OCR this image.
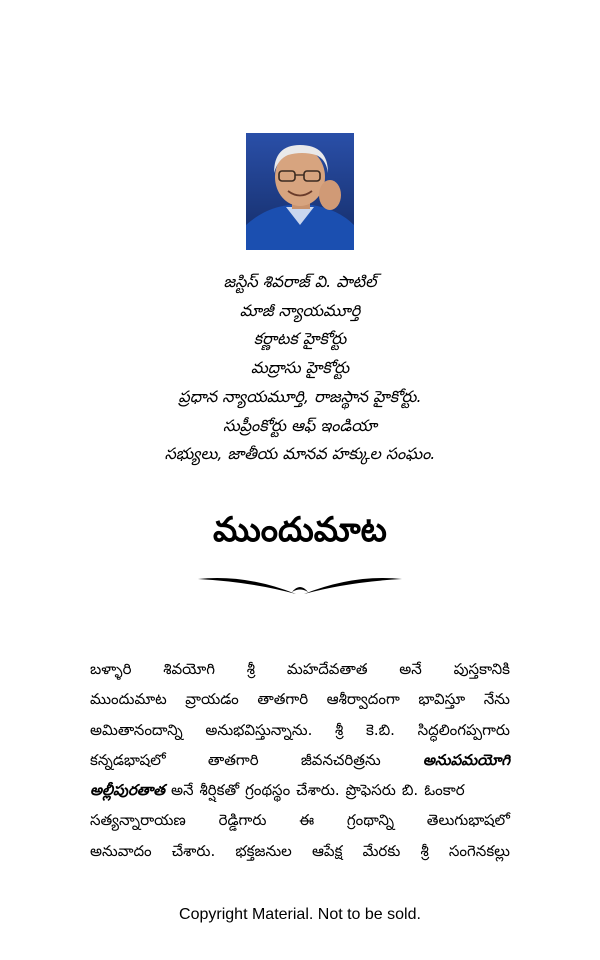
జస్టిస్ శివరాజ్ వి. పాటిల్
మాజీ న్యాయమూర్తి
కర్ణాటక హైకోర్టు
మద్రాసు హైకోర్టు
ప్రధాన న్యాయమూర్తి, రాజస్థాన హైకోర్టు.
సుప్రీంకోర్టు ఆఫ్ ఇండియా
సభ్యులు, జాతీయ మానవ హక్కుల సంఘం.
ముందుమాట
బళ్ళారి శివయోగి శ్రీ మహదేవతాత అనే పుస్తకానికి
ముందుమాట వ్రాయడం తాతగారి ఆశీర్వాదంగా భావిస్తూ నేను
అమితానందాన్ని అనుభవిస్తున్నాను. శ్రీ కె.బి. సిద్ధలింగప్పగారు
కన్నడభాషలో	తాతగారి	జీవనచరిత్రను	అనుపమయోగి
అల్లీపురతాత అనే శీర్షికతో గ్రంథస్థం చేశారు. ప్రొఫెసరు బి. ఓంకార
సత్యన్నారాయణ రెడ్డిగారు ఈ గ్రంథాన్ని తెలుగుభాషలో
అనువాదం చేశారు. భక్తజనుల ఆపేక్ష మేరకు శ్రీ సంగెనకల్లు
Copyright Material. Not to be sold.
